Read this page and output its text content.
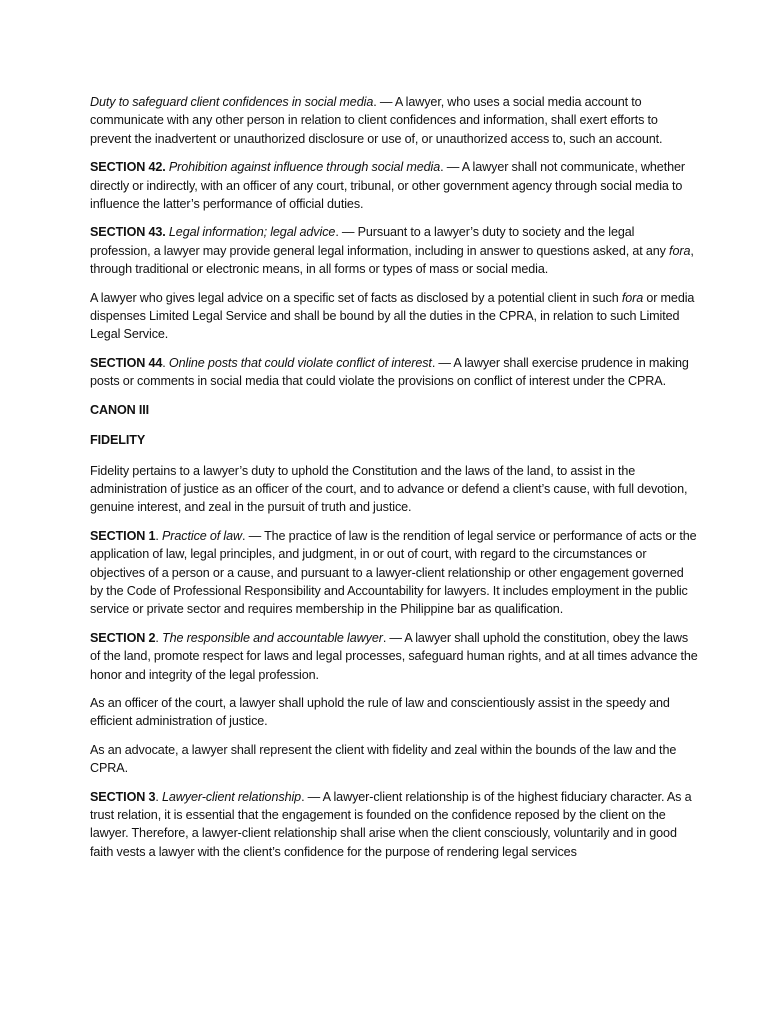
Duty to safeguard client confidences in social media. — A lawyer, who uses a social media account to communicate with any other person in relation to client confidences and information, shall exert efforts to prevent the inadvertent or unauthorized disclosure or use of, or unauthorized access to, such an account.

SECTION 42. Prohibition against influence through social media. — A lawyer shall not communicate, whether directly or indirectly, with an officer of any court, tribunal, or other government agency through social media to influence the latter’s performance of official duties.

SECTION 43. Legal information; legal advice. — Pursuant to a lawyer’s duty to society and the legal profession, a lawyer may provide general legal information, including in answer to questions asked, at any fora, through traditional or electronic means, in all forms or types of mass or social media.

A lawyer who gives legal advice on a specific set of facts as disclosed by a potential client in such fora or media dispenses Limited Legal Service and shall be bound by all the duties in the CPRA, in relation to such Limited Legal Service.

SECTION 44. Online posts that could violate conflict of interest. — A lawyer shall exercise prudence in making posts or comments in social media that could violate the provisions on conflict of interest under the CPRA.

CANON III

FIDELITY

Fidelity pertains to a lawyer’s duty to uphold the Constitution and the laws of the land, to assist in the administration of justice as an officer of the court, and to advance or defend a client’s cause, with full devotion, genuine interest, and zeal in the pursuit of truth and justice.

SECTION 1. Practice of law. — The practice of law is the rendition of legal service or performance of acts or the application of law, legal principles, and judgment, in or out of court, with regard to the circumstances or objectives of a person or a cause, and pursuant to a lawyer-client relationship or other engagement governed by the Code of Professional Responsibility and Accountability for lawyers. It includes employment in the public service or private sector and requires membership in the Philippine bar as qualification.

SECTION 2. The responsible and accountable lawyer. — A lawyer shall uphold the constitution, obey the laws of the land, promote respect for laws and legal processes, safeguard human rights, and at all times advance the honor and integrity of the legal profession.

As an officer of the court, a lawyer shall uphold the rule of law and conscientiously assist in the speedy and efficient administration of justice.

As an advocate, a lawyer shall represent the client with fidelity and zeal within the bounds of the law and the CPRA.

SECTION 3. Lawyer-client relationship. — A lawyer-client relationship is of the highest fiduciary character. As a trust relation, it is essential that the engagement is founded on the confidence reposed by the client on the lawyer. Therefore, a lawyer-client relationship shall arise when the client consciously, voluntarily and in good faith vests a lawyer with the client’s confidence for the purpose of rendering legal services
